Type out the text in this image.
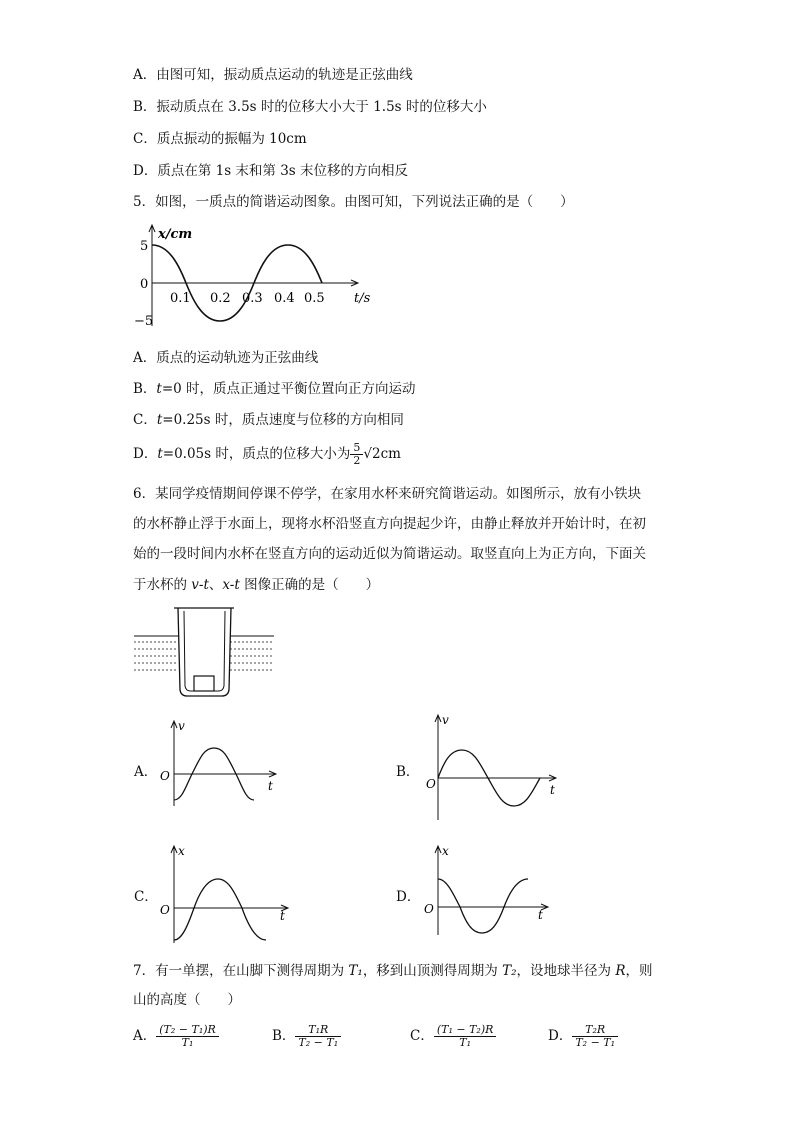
A．由图可知，振动质点运动的轨迹是正弦曲线
B．振动质点在 3.5s 时的位移大小大于 1.5s 时的位移大小
C．质点振动的振幅为 10cm
D．质点在第 1s 末和第 3s 末位移的方向相反
5．如图，一质点的简谐运动图象。由图可知，下列说法正确的是（　　）
x/cm
5
0
−5
0.1 0.2 0.3 0.4 0.5 t/s
A．质点的运动轨迹为正弦曲线
B．t=0 时，质点正通过平衡位置向正方向运动
C．t=0.25s 时，质点速度与位移的方向相同
D．t=0.05s 时，质点的位移大小为 $\frac{5}{2} √2cm$
6．某同学疫情期间停课不停学，在家用水杯来研究简谐运动。如图所示，放有小铁块
的水杯静止浮于水面上，现将水杯沿竖直方向提起少许，由静止释放并开始计时，在初
始的一段时间内水杯在竖直方向的运动近似为简谐运动。取竖直向上为正方向，下面关
于水杯的 v-t、x-t 图像正确的是（　　）
A．
v
O
t
B．
v
O	t
C．
x
O	t
D．
x
O	t
7．有一单摆，在山脚下测得周期为 T₁，移到山顶测得周期为 T₂，设地球半径为 R，则
山的高度（　　）
A． $\frac{\text{(T₂ − T₁)R}}{\text{T₁}}$	B． $\frac{\text{T₁R}}{\text{T₂ − T₁}}$	C． $\frac{\text{(T₁ − T₂)R}}{\text{T₁}}$	D． $\frac{\text{T₂R}}{\text{T₂ − T₁}}$
